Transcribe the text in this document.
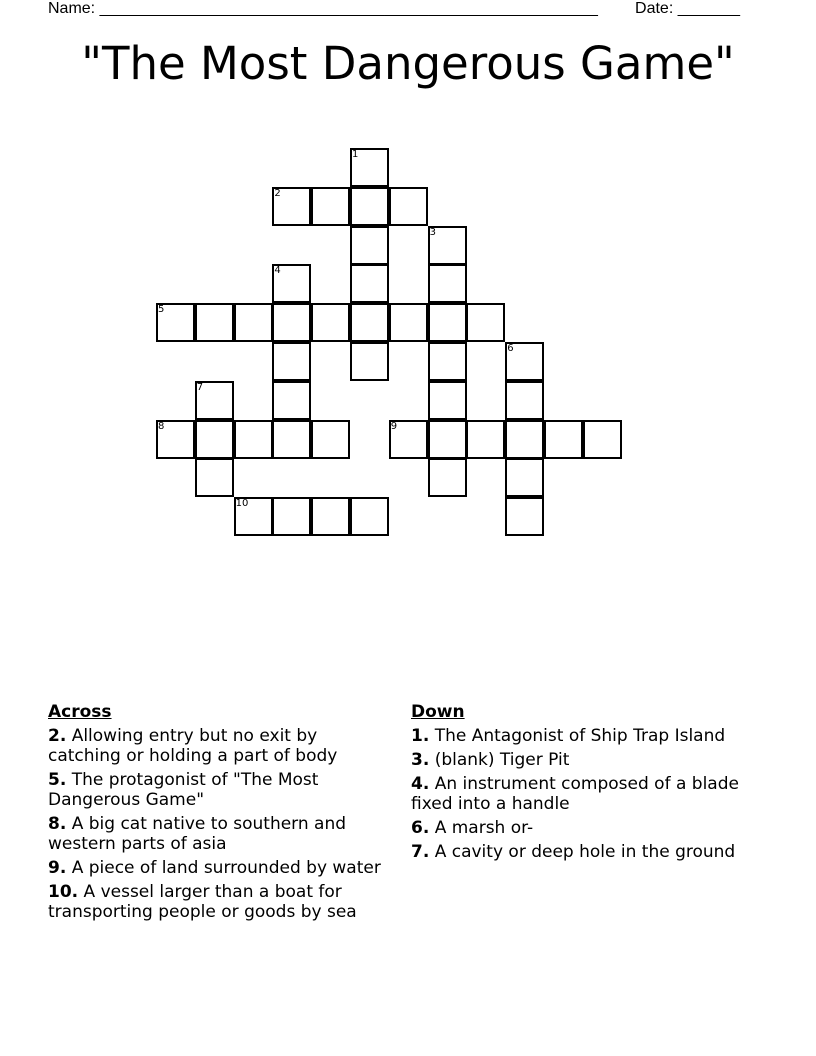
Name: ________________________________________________________ Date: _______
"The Most Dangerous Game"
1
2
3
4
5
6
7
8	9
10
Across
2. Allowing entry but no exit by catching or holding a part of body
5. The protagonist of "The Most Dangerous Game"
8. A big cat native to southern and western parts of asia
9. A piece of land surrounded by water
10. A vessel larger than a boat for transporting people or goods by sea
Down
1. The Antagonist of Ship Trap Island
3. (blank) Tiger Pit
4. An instrument composed of a blade fixed into a handle
6. A marsh or-
7. A cavity or deep hole in the ground
